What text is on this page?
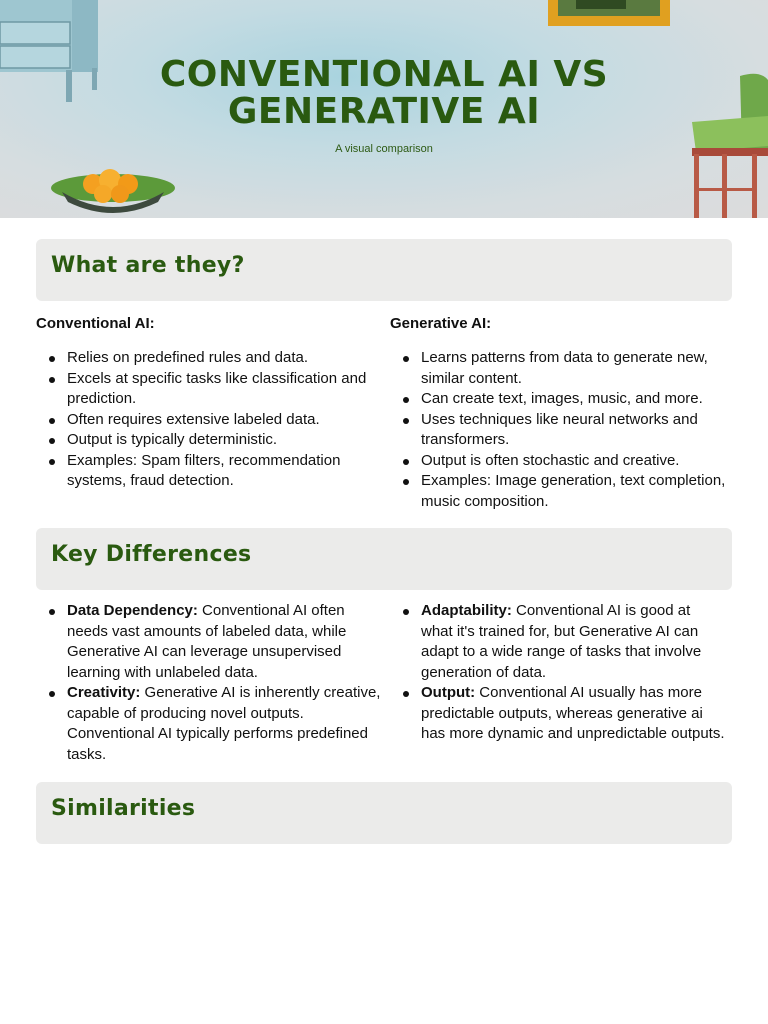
CONVENTIONAL AI VS
GENERATIVE AI
A visual comparison
What are they?
Conventional AI:	Generative AI:
Relies on predefined rules and data.
Excels at specific tasks like classification and prediction.
Often requires extensive labeled data.
Output is typically deterministic.
Examples: Spam filters, recommendation systems, fraud detection.
Learns patterns from data to generate new, similar content.
Can create text, images, music, and more.
Uses techniques like neural networks and transformers.
Output is often stochastic and creative.
Examples: Image generation, text completion, music composition.
Key Differences
Data Dependency: Conventional AI often needs vast amounts of labeled data, while Generative AI can leverage unsupervised learning with unlabeled data.
Creativity: Generative AI is inherently creative, capable of producing novel outputs. Conventional AI typically performs predefined tasks.
Adaptability: Conventional AI is good at what it's trained for, but Generative AI can adapt to a wide range of tasks that involve generation of data.
Output: Conventional AI usually has more predictable outputs, whereas generative ai has more dynamic and unpredictable outputs.
Similarities
